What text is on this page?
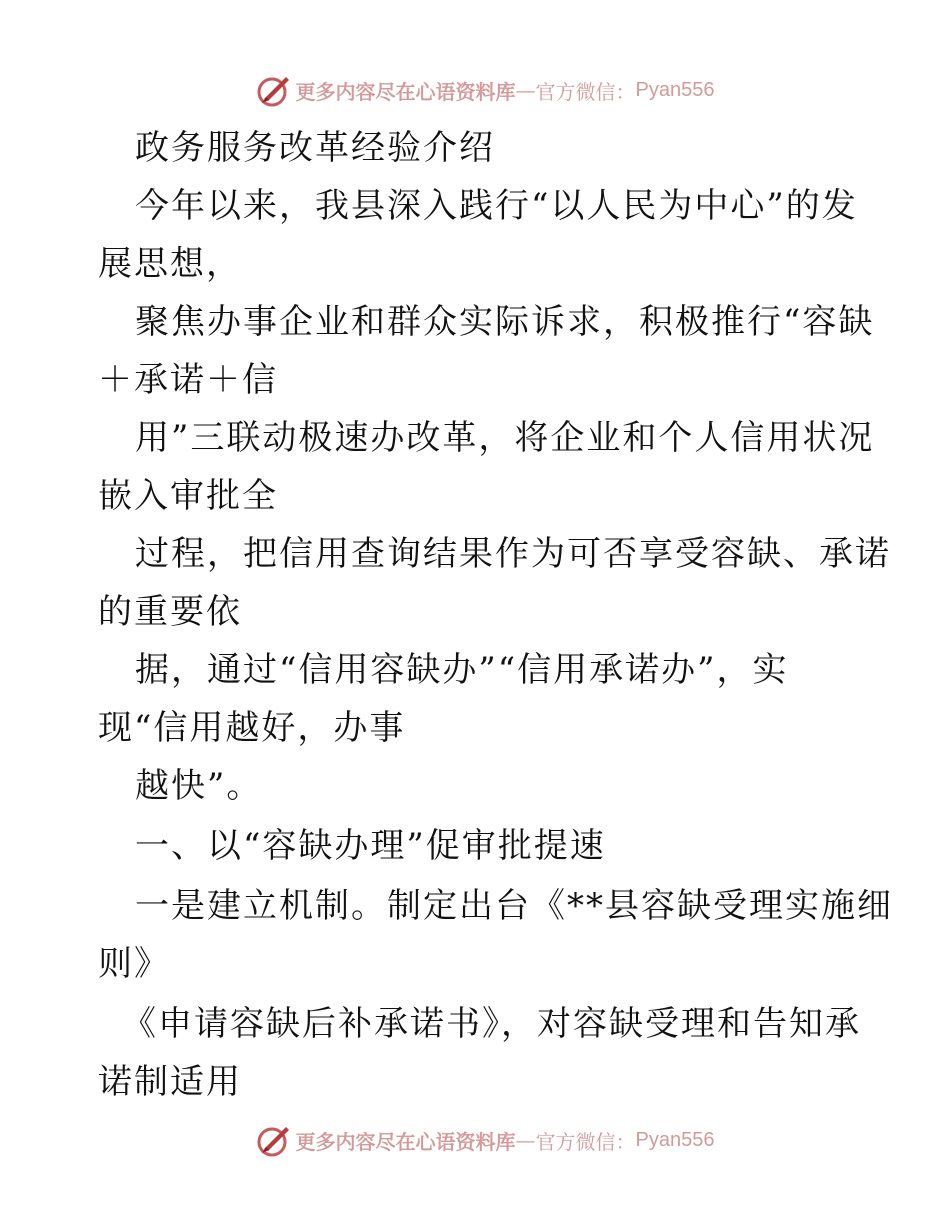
更多内容尽在心语资料库 — 官方微信： Pyan556
政务服务改革经验介绍
今年以来，我县深入践行“以人民为中心”的发
展思想，
聚焦办事企业和群众实际诉求，积极推行“容缺
＋承诺＋信
用”三联动极速办改革，将企业和个人信用状况
嵌入审批全
过程，把信用查询结果作为可否享受容缺、承诺
的重要依
据，通过“信用容缺办”“信用承诺办”，实
现“信用越好，办事
越快”。
一、以“容缺办理”促审批提速
一是建立机制。制定出台《**县容缺受理实施细
则》
《申请容缺后补承诺书》，对容缺受理和告知承
诺制适用
更多内容尽在心语资料库 — 官方微信： Pyan556
